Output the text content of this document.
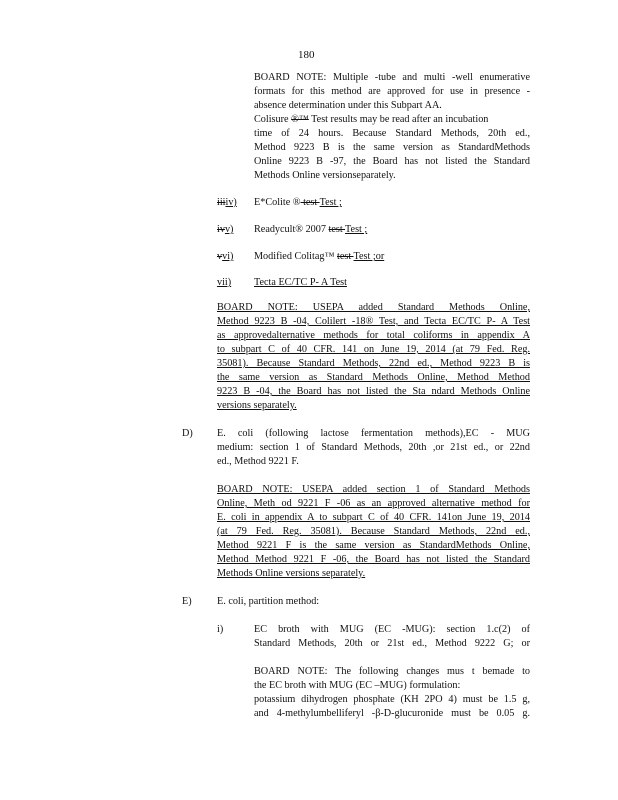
180
BOARD NOTE: Multiple -tube and multi -well enumerative
formats for this method are approved for use in presence -
absence determination under this Subpart AA.
Colisure ®™ Test results may be read after an incubation
time of 24 hours. Because Standard Methods, 20th ed.,
Method 9223 B is the same version as StandardMethods
Online 9223 B -97, the Board has not listed the Standard
Methods Online versionseparately.
iiiiv) E*Colite ® test Test ;
ivv) Readycult® 2007 test Test ;
vvi) Modified Colitag™ test Test ;or
vii) Tecta EC/TC P- A Test
BOARD NOTE: USEPA added Standard Methods Online,
Method 9223 B -04, Colilert -18® Test, and Tecta EC/TC P- A Test
as approvedalternative methods for total coliforms in appendix A
to subpart C of 40 CFR. 141 on June 19, 2014 (at 79 Fed. Reg.
35081). Because Standard Methods, 22nd ed., Method 9223 B is
the same version as Standard Methods Online, Method Method
9223 B -04, the Board has not listed the Sta ndard Methods Online
versions separately.
D) E. coli (following lactose fermentation methods),EC - MUG
medium: section 1 of Standard Methods, 20th ,or 21st ed., or 22nd
ed., Method 9221 F.
BOARD NOTE: USEPA added section 1 of Standard Methods
Online, Meth od 9221 F -06 as an approved alternative method for
E. coli in appendix A to subpart C of 40 CFR. 141on June 19, 2014
(at 79 Fed. Reg. 35081). Because Standard Methods, 22nd ed.,
Method 9221 F is the same version as StandardMethods Online,
Method Method 9221 F -06, the Board has not listed the Standard
Methods Online versions separately.
E) E. coli, partition method:
i)	EC broth with MUG (EC -MUG): section 1.c(2) of
Standard Methods, 20th or 21st ed., Method 9222 G; or
BOARD NOTE: The following changes mus t bemade to
the EC broth with MUG (EC –MUG) formulation:
potassium dihydrogen phosphate (KH 2PO 4) must be 1.5 g,
and 4-methylumbelliferyl -β-D-glucuronide must be 0.05 g.
